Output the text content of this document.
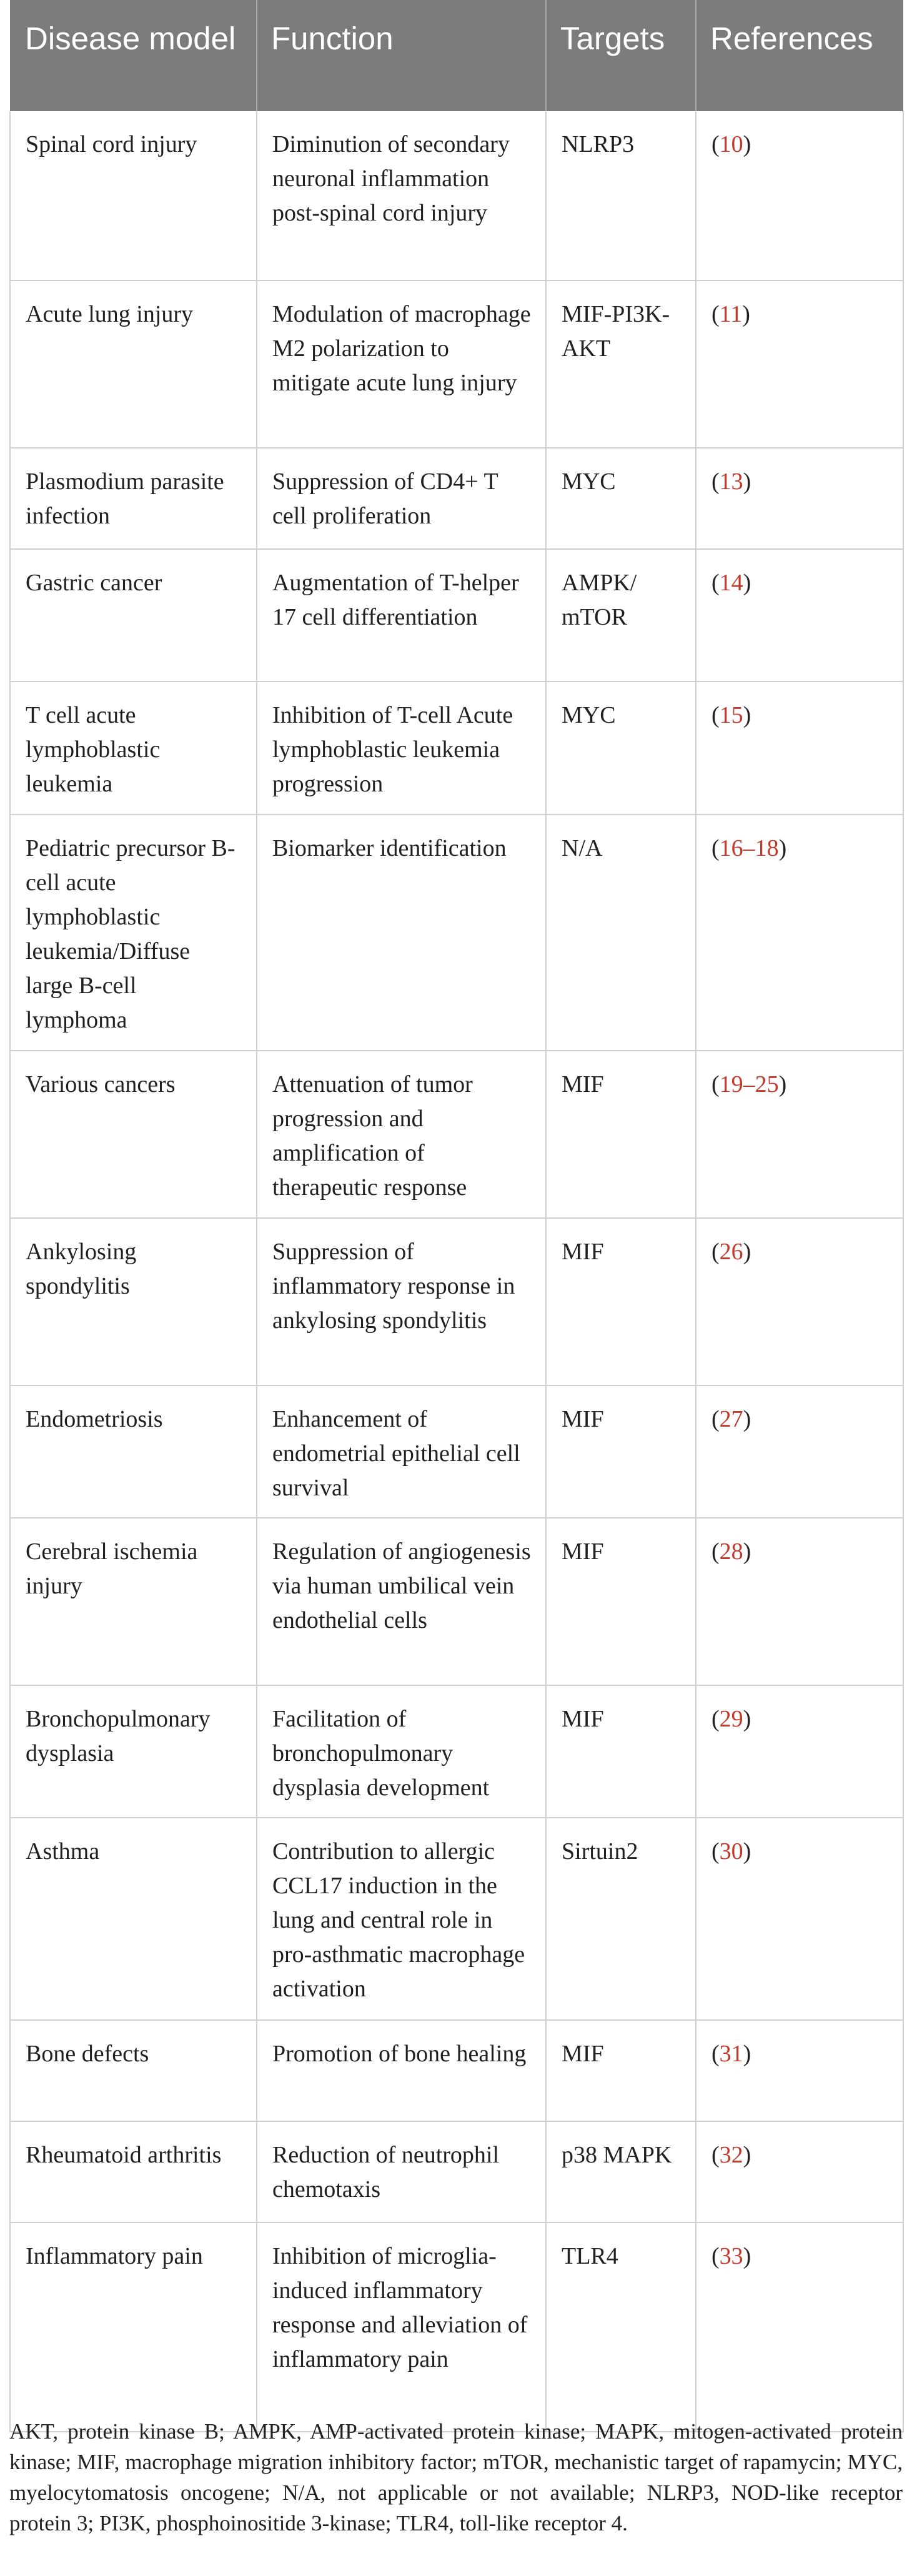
Disease model	Function	Targets	References
Spinal cord injury	Diminution of secondary neuronal inflammation post-spinal cord injury	NLRP3	(10)
Acute lung injury	Modulation of macrophage M2 polarization to mitigate acute lung injury	MIF-PI3K-AKT	(11)
Plasmodium parasite infection	Suppression of CD4+ T cell proliferation	MYC	(13)
Gastric cancer	Augmentation of T-helper 17 cell differentiation	AMPK/ mTOR	(14)
T cell acute lymphoblastic leukemia	Inhibition of T-cell Acute lymphoblastic leukemia progression	MYC	(15)
Pediatric precursor B-cell acute lymphoblastic leukemia/Diffuse large B-cell lymphoma	Biomarker identification	N/A	(16–18)
Various cancers	Attenuation of tumor progression and amplification of therapeutic response	MIF	(19–25)
Ankylosing spondylitis	Suppression of inflammatory response in ankylosing spondylitis	MIF	(26)
Endometriosis	Enhancement of endometrial epithelial cell survival	MIF	(27)
Cerebral ischemia injury	Regulation of angiogenesis via human umbilical vein endothelial cells	MIF	(28)
Bronchopulmonary dysplasia	Facilitation of bronchopulmonary dysplasia development	MIF	(29)
Asthma	Contribution to allergic CCL17 induction in the lung and central role in pro-asthmatic macrophage activation	Sirtuin2	(30)
Bone defects	Promotion of bone healing	MIF	(31)
Rheumatoid arthritis	Reduction of neutrophil chemotaxis	p38 MAPK	(32)
Inflammatory pain	Inhibition of microglia-induced inflammatory response and alleviation of inflammatory pain	TLR4	(33)
AKT, protein kinase B; AMPK, AMP-activated protein kinase; MAPK, mitogen-activated protein kinase; MIF, macrophage migration inhibitory factor; mTOR, mechanistic target of rapamycin; MYC, myelocytomatosis oncogene; N/A, not applicable or not available; NLRP3, NOD-like receptor protein 3; PI3K, phosphoinositide 3-kinase; TLR4, toll-like receptor 4.
